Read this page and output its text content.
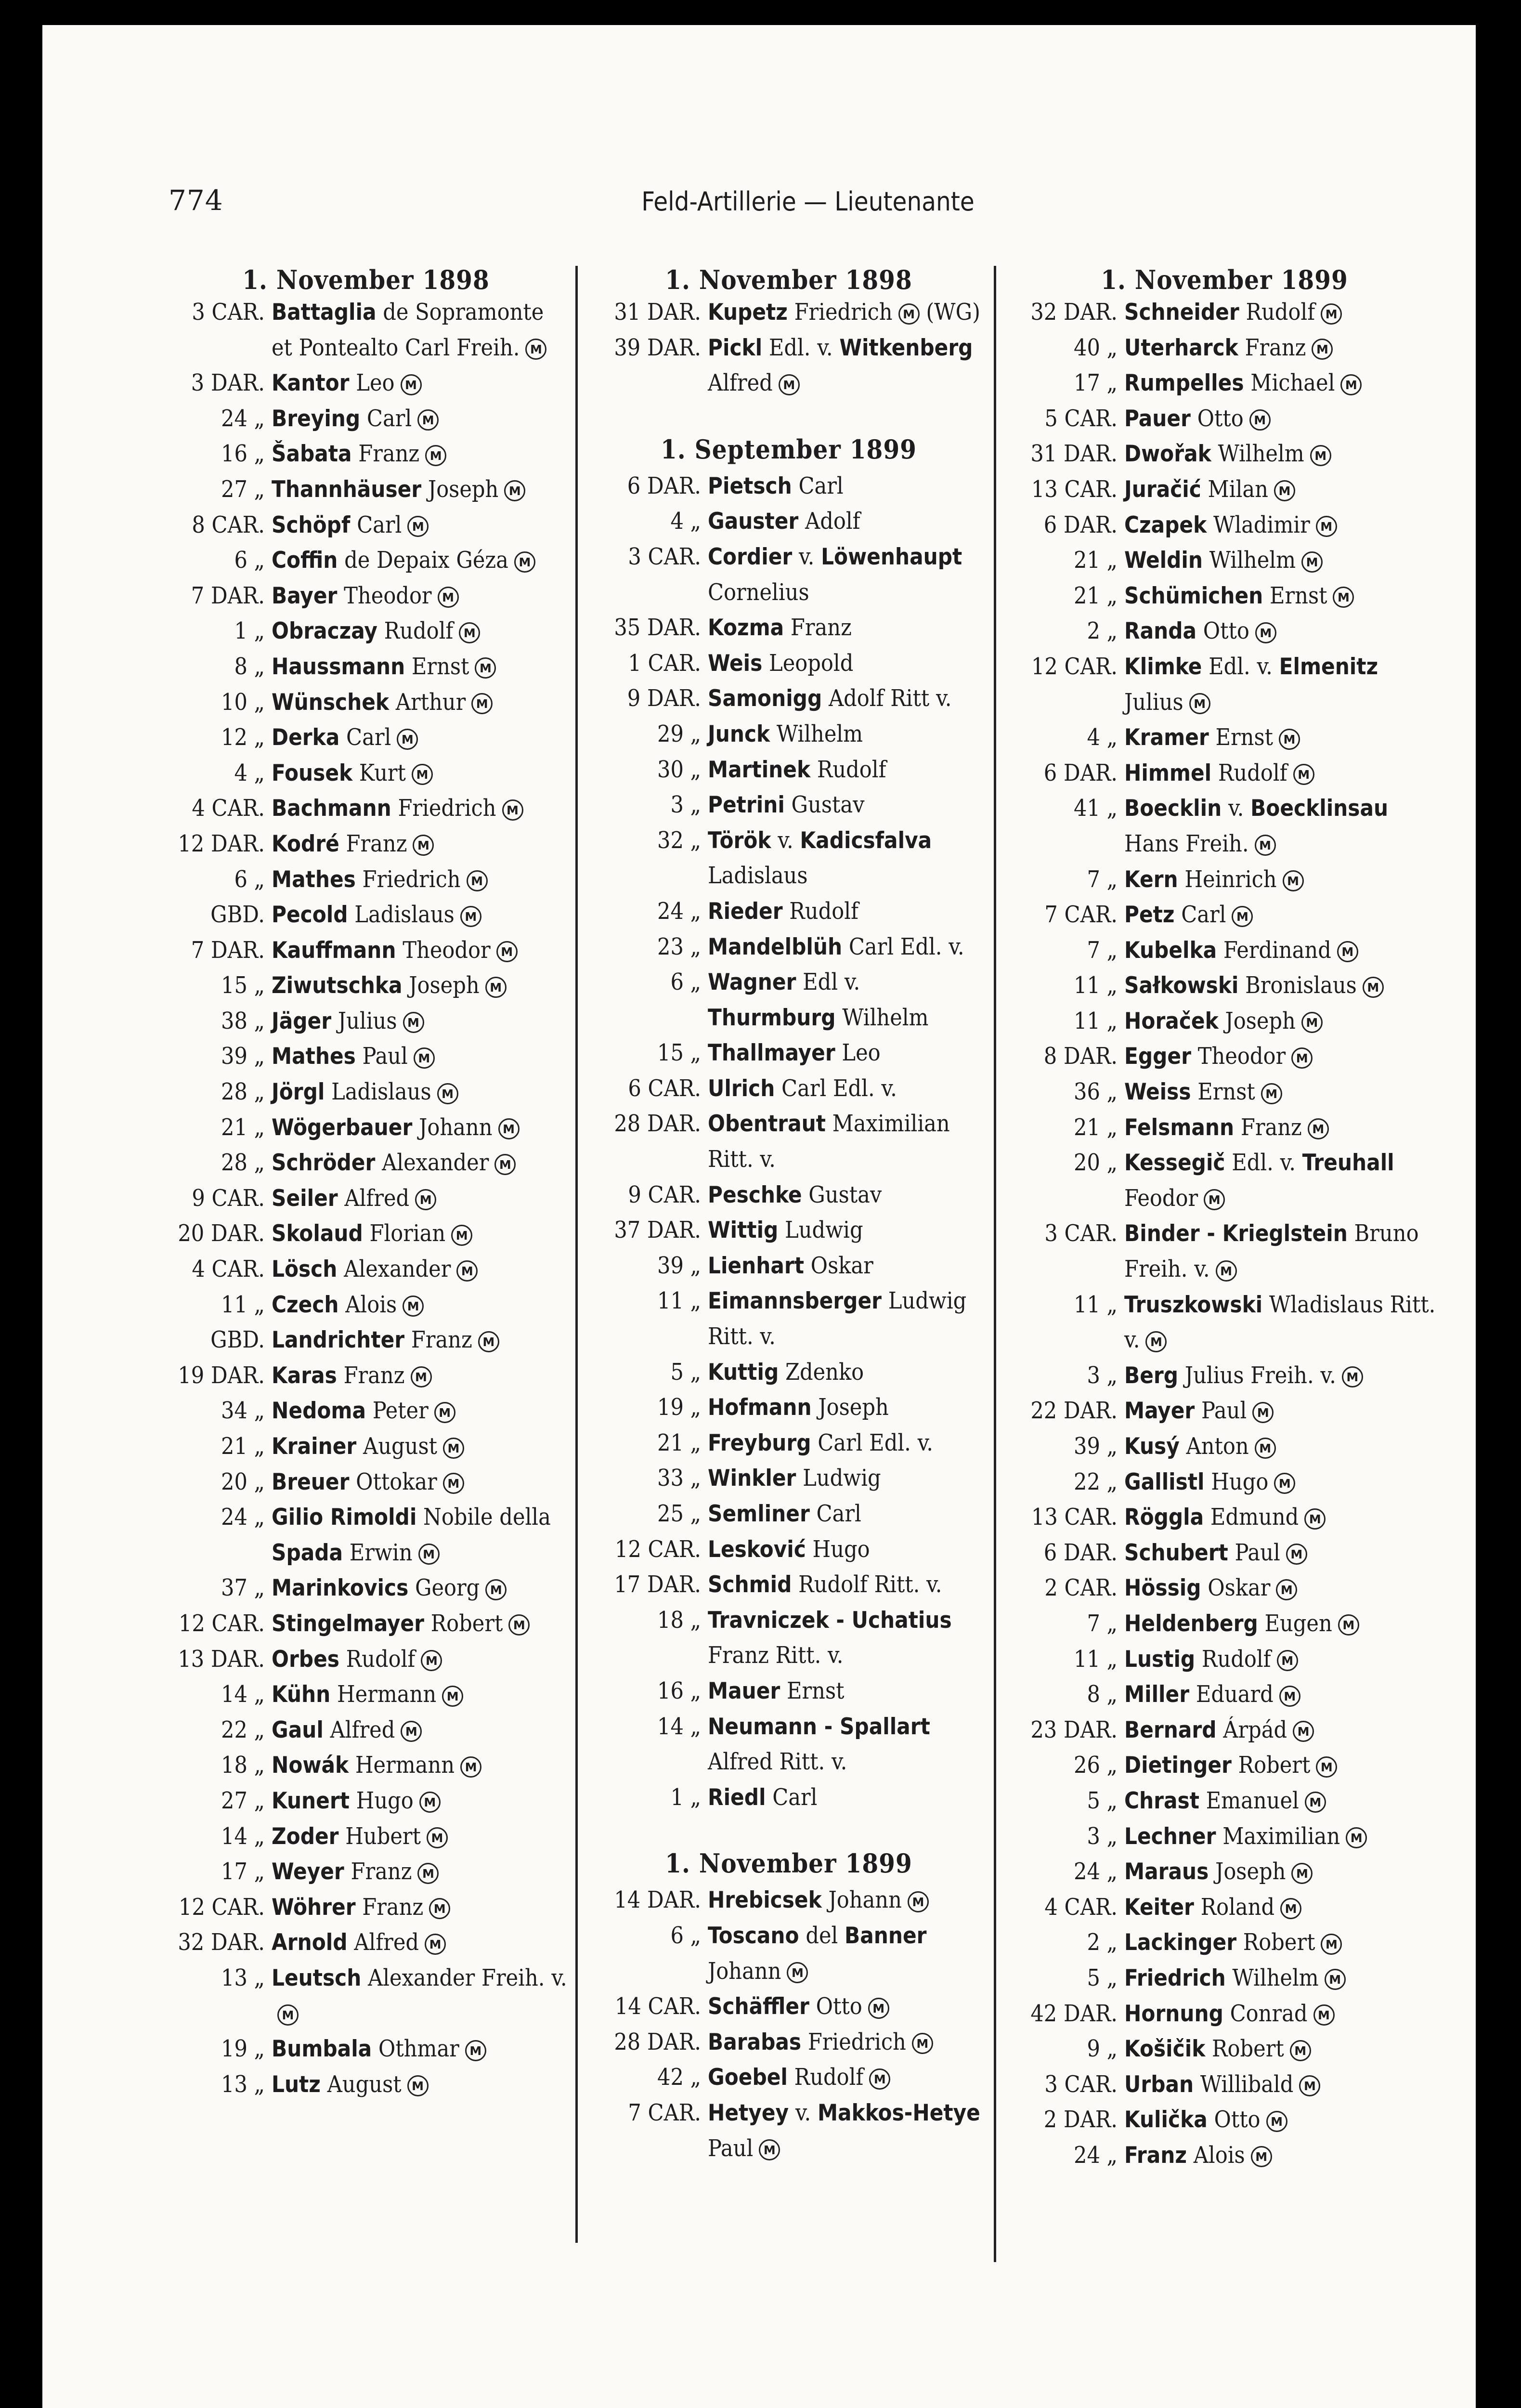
774	Feld-Artillerie — Lieutenante
1. November 1898
3 CAR. Battaglia de Sopramonte et Pontealto Carl Freih. M
3 DAR. Kantor Leo M
24 „ Breying Carl M
16 „ Šabata Franz M
27 „ Thannhäuser Joseph M
8 CAR. Schöpf Carl M
6 „ Coffin de Depaix Géza M
7 DAR. Bayer Theodor M
1 „ Obraczay Rudolf M
8 „ Haussmann Ernst M
10 „ Wünschek Arthur M
12 „ Derka Carl M
4 „ Fousek Kurt M
4 CAR. Bachmann Friedrich M
12 DAR. Kodré Franz M
6 „ Mathes Friedrich M
GBD. Pecold Ladislaus M
7 DAR. Kauffmann Theodor M
15 „ Ziwutschka Joseph M
38 „ Jäger Julius M
39 „ Mathes Paul M
28 „ Jörgl Ladislaus M
21 „ Wögerbauer Johann M
28 „ Schröder Alexander M
9 CAR. Seiler Alfred M
20 DAR. Skolaud Florian M
4 CAR. Lösch Alexander M
11 „ Czech Alois M
GBD. Landrichter Franz M
19 DAR. Karas Franz M
34 „ Nedoma Peter M
21 „ Krainer August M
20 „ Breuer Ottokar M
24 „ Gilio Rimoldi Nobile della Spada Erwin M
37 „ Marinkovics Georg M
12 CAR. Stingelmayer Robert M
13 DAR. Orbes Rudolf M
14 „ Kühn Hermann M
22 „ Gaul Alfred M
18 „ Nowák Hermann M
27 „ Kunert Hugo M
14 „ Zoder Hubert M
17 „ Weyer Franz M
12 CAR. Wöhrer Franz M
32 DAR. Arnold Alfred M
13 „ Leutsch Alexander Freih. v.M
19 „ Bumbala Othmar M
13 „ Lutz August M
1. November 1898
31 DAR. Kupetz Friedrich M (WG)
39 DAR. Pickl Edl. v. Witkenberg Alfred M
1. September 1899
6 DAR. Pietsch Carl
4 „ Gauster Adolf
3 CAR. Cordier v. Löwenhaupt Cornelius
35 DAR. Kozma Franz
1 CAR. Weis Leopold
9 DAR. Samonigg Adolf Ritt v.
29 „ Junck Wilhelm
30 „ Martinek Rudolf
3 „ Petrini Gustav
32 „ Török v. Kadicsfalva Ladislaus
24 „ Rieder Rudolf
23 „ Mandelblüh Carl Edl. v.
6 „ Wagner Edl v. Thurmburg Wilhelm
15 „ Thallmayer Leo
6 CAR. Ulrich Carl Edl. v.
28 DAR. Obentraut Maximilian Ritt. v.
9 CAR. Peschke Gustav
37 DAR. Wittig Ludwig
39 „ Lienhart Oskar
11 „ Eimannsberger Ludwig Ritt. v.
5 „ Kuttig Zdenko
19 „ Hofmann Joseph
21 „ Freyburg Carl Edl. v.
33 „ Winkler Ludwig
25 „ Semliner Carl
12 CAR. Lesković Hugo
17 DAR. Schmid Rudolf Ritt. v.
18 „ Travniczek - Uchatius Franz Ritt. v.
16 „ Mauer Ernst
14 „ Neumann - Spallart Alfred Ritt. v.
1 „ Riedl Carl
1. November 1899
14 DAR. Hrebicsek Johann M
6 „ Toscano del Banner Johann M
14 CAR. Schäffler Otto M
28 DAR. Barabas Friedrich M
42 „ Goebel Rudolf M
7 CAR. Hetyey v. Makkos-Hetye Paul M
1. November 1899
32 DAR. Schneider Rudolf M
40 „ Uterharck Franz M
17 „ Rumpelles Michael M
5 CAR. Pauer Otto M
31 DAR. Dwořak Wilhelm M
13 CAR. Juračić Milan M
6 DAR. Czapek Wladimir M
21 „ Weldin Wilhelm M
21 „ Schümichen Ernst M
2 „ Randa Otto M
12 CAR. Klimke Edl. v. Elmenitz Julius M
4 „ Kramer Ernst M
6 DAR. Himmel Rudolf M
41 „ Boecklin v. Boecklinsau Hans Freih. M
7 „ Kern Heinrich M
7 CAR. Petz Carl M
7 „ Kubelka Ferdinand M
11 „ Sałkowski Bronislaus M
11 „ Horaček Joseph M
8 DAR. Egger Theodor M
36 „ Weiss Ernst M
21 „ Felsmann Franz M
20 „ Kessegič Edl. v. Treuhall Feodor M
3 CAR. Binder - Krieglstein Bruno Freih. v. M
11 „ Truszkowski Wladislaus Ritt. v. M
3 „ Berg Julius Freih. v. M
22 DAR. Mayer Paul M
39 „ Kusý Anton M
22 „ Gallistl Hugo M
13 CAR. Röggla Edmund M
6 DAR. Schubert Paul M
2 CAR. Hössig Oskar M
7 „ Heldenberg Eugen M
11 „ Lustig Rudolf M
8 „ Miller Eduard M
23 DAR. Bernard Árpád M
26 „ Dietinger Robert M
5 „ Chrast Emanuel M
3 „ Lechner Maximilian M
24 „ Maraus Joseph M
4 CAR. Keiter Roland M
2 „ Lackinger Robert M
5 „ Friedrich Wilhelm M
42 DAR. Hornung Conrad M
9 „ Košičik Robert M
3 CAR. Urban Willibald M
2 DAR. Kulička Otto M
24 „ Franz Alois M
